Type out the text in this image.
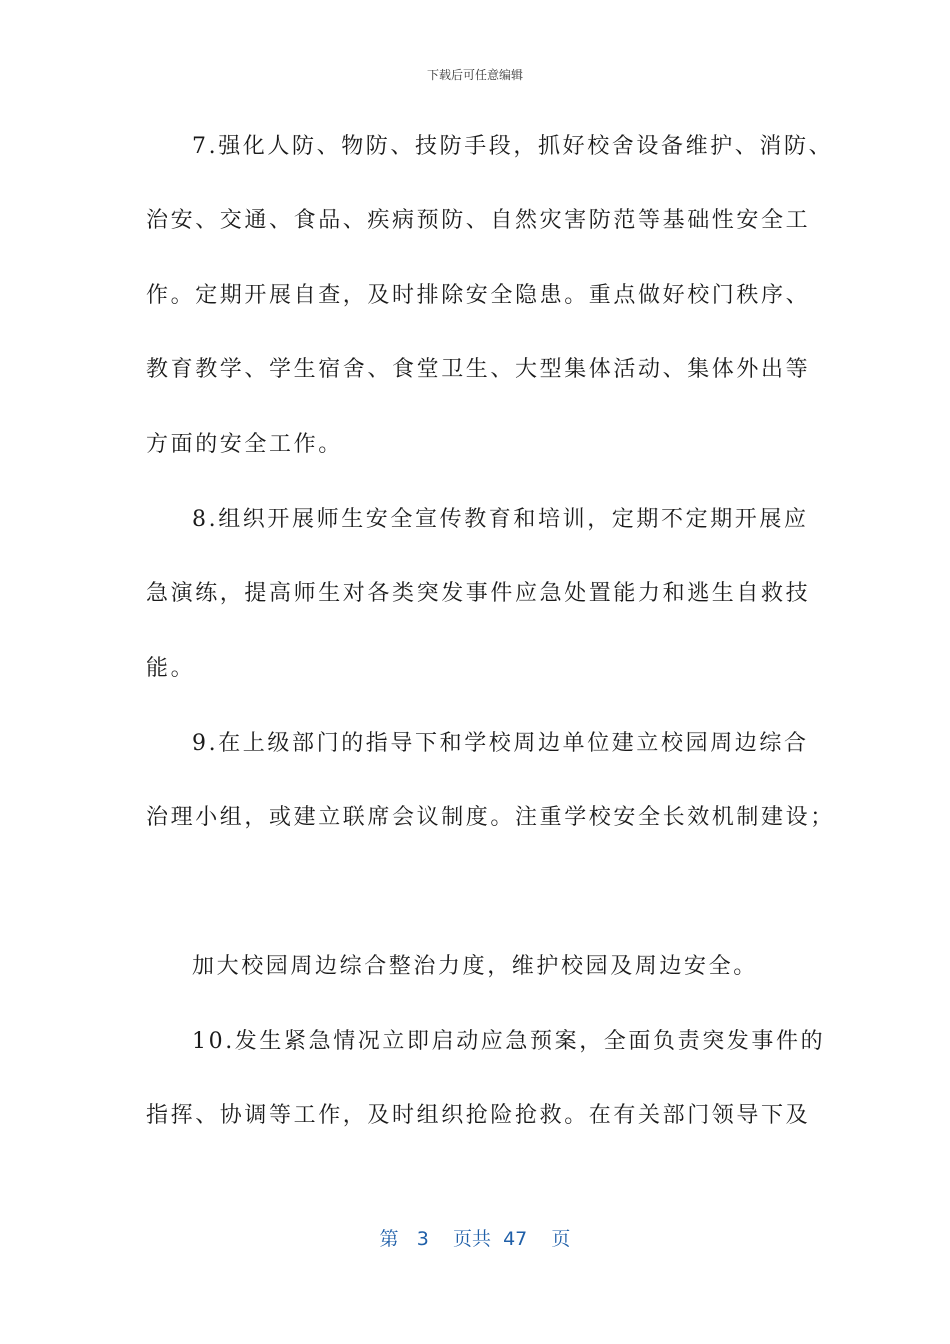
下载后可任意编辑
7.强化人防、物防、技防手段，抓好校舍设备维护、消防、
治安、交通、食品、疾病预防、自然灾害防范等基础性安全工
作。定期开展自查，及时排除安全隐患。重点做好校门秩序、
教育教学、学生宿舍、食堂卫生、大型集体活动、集体外出等
方面的安全工作。
8.组织开展师生安全宣传教育和培训，定期不定期开展应
急演练，提高师生对各类突发事件应急处置能力和逃生自救技
能。
9.在上级部门的指导下和学校周边单位建立校园周边综合
治理小组，或建立联席会议制度。注重学校安全长效机制建设；
加大校园周边综合整治力度，维护校园及周边安全。
10.发生紧急情况立即启动应急预案，全面负责突发事件的
指挥、协调等工作，及时组织抢险抢救。在有关部门领导下及
第 3 页共 47 页
